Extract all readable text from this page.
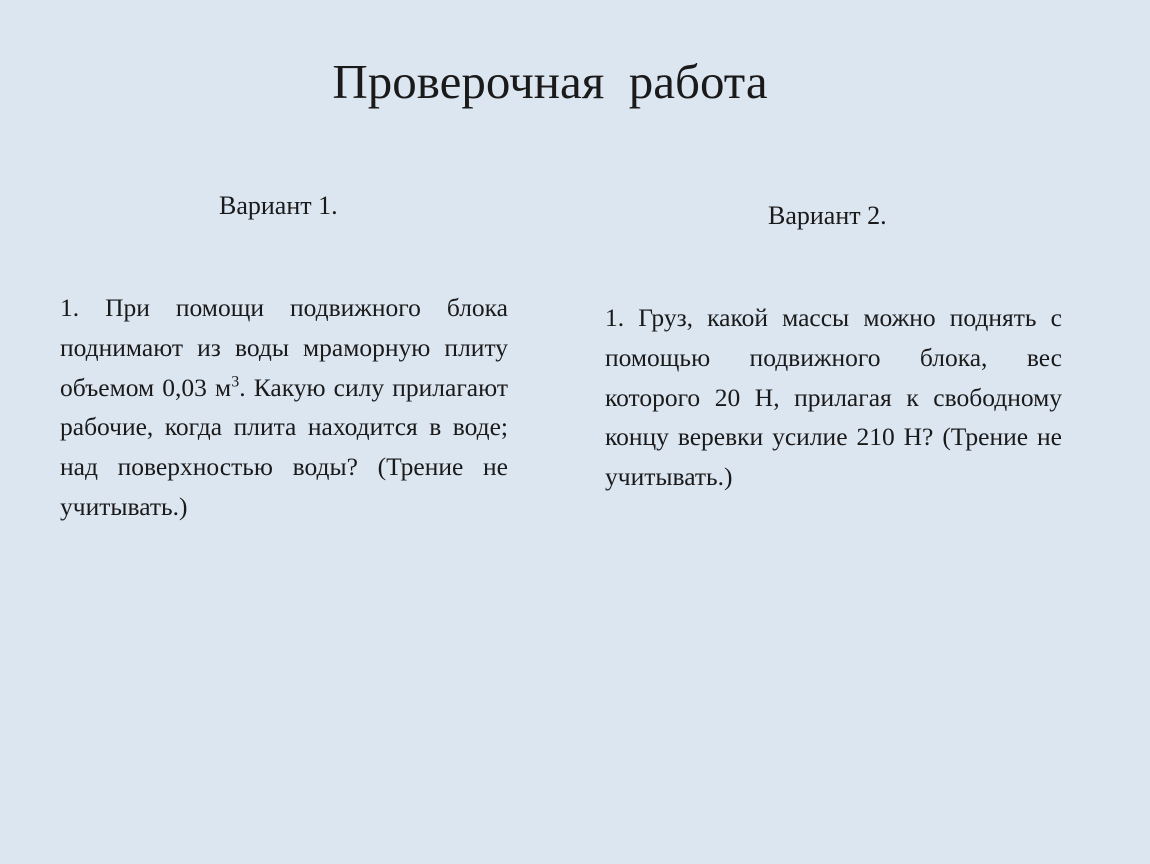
Проверочная  работа
Вариант 1.
1. При помощи подвижного блока поднимают из воды мраморную плиту объемом 0,03 $м^3$. Какую силу прилагают рабочие, когда плита находится в воде; над поверхностью воды? (Трение не учитывать.)
Вариант 2.
1. Груз, какой массы можно поднять с помощью подвижного блока, вес которого 20 Н, прилагая к свободному концу веревки усилие 210 Н? (Трение не учитывать.)
